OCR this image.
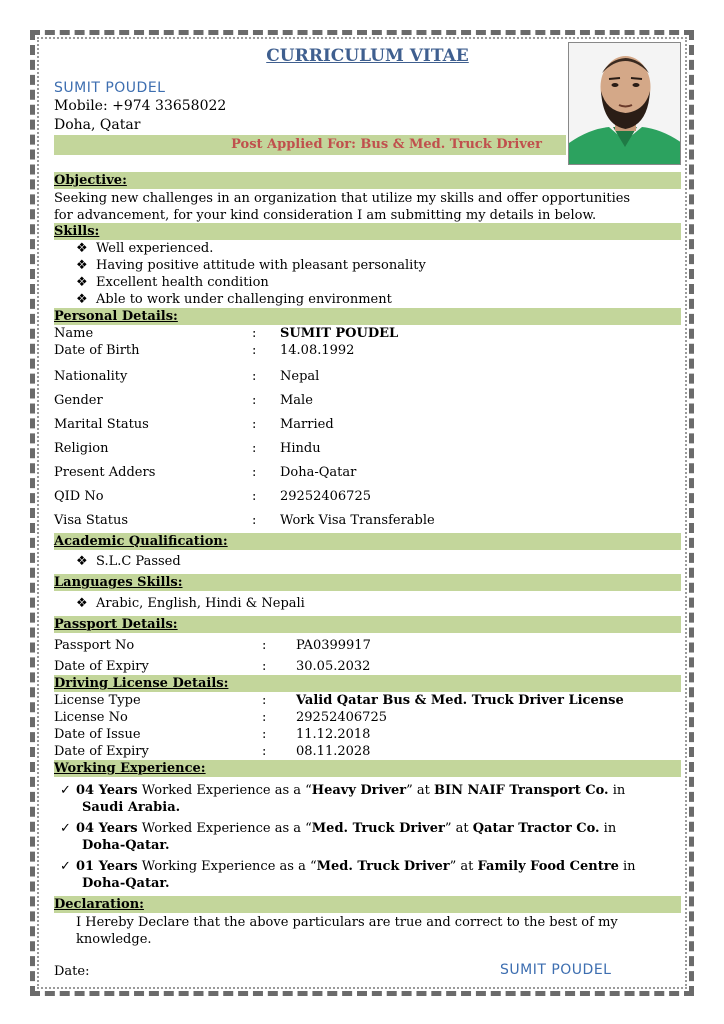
CURRICULUM VITAE
SUMIT POUDEL
Mobile: +974 33658022
Doha, Qatar
Post Applied For: Bus & Med. Truck Driver
Objective:
Seeking new challenges in an organization that utilize my skills and offer opportunities
for advancement, for your kind consideration I am submitting my details in below.
Skills:
❖ Well experienced.
❖ Having positive attitude with pleasant personality
❖ Excellent health condition
❖ Able to work under challenging environment
Personal Details:
Name	: SUMIT POUDEL
Date of Birth	: 14.08.1992
Nationality	: Nepal
Gender	: Male
Marital Status	: Married
Religion	: Hindu
Present Adders	: Doha-Qatar
QID No	: 29252406725
Visa Status	: Work Visa Transferable
Academic Qualification:
❖ S.L.C Passed
Languages Skills:
❖ Arabic, English, Hindi & Nepali
Passport Details:
Passport No	: PA0399917
Date of Expiry	: 30.05.2032
Driving License Details:
License Type	: Valid Qatar Bus & Med. Truck Driver License
License No	: 29252406725
Date of Issue	: 11.12.2018
Date of Expiry	: 08.11.2028
Working Experience:
✓ 04 Years Worked Experience as a “Heavy Driver” at BIN NAIF Transport Co. in
Saudi Arabia.
✓ 04 Years Worked Experience as a “Med. Truck Driver” at Qatar Tractor Co. in
Doha-Qatar.
✓ 01 Years Working Experience as a “Med. Truck Driver” at Family Food Centre in
Doha-Qatar.
Declaration:
I Hereby Declare that the above particulars are true and correct to the best of my
knowledge.
Date:	SUMIT POUDEL
